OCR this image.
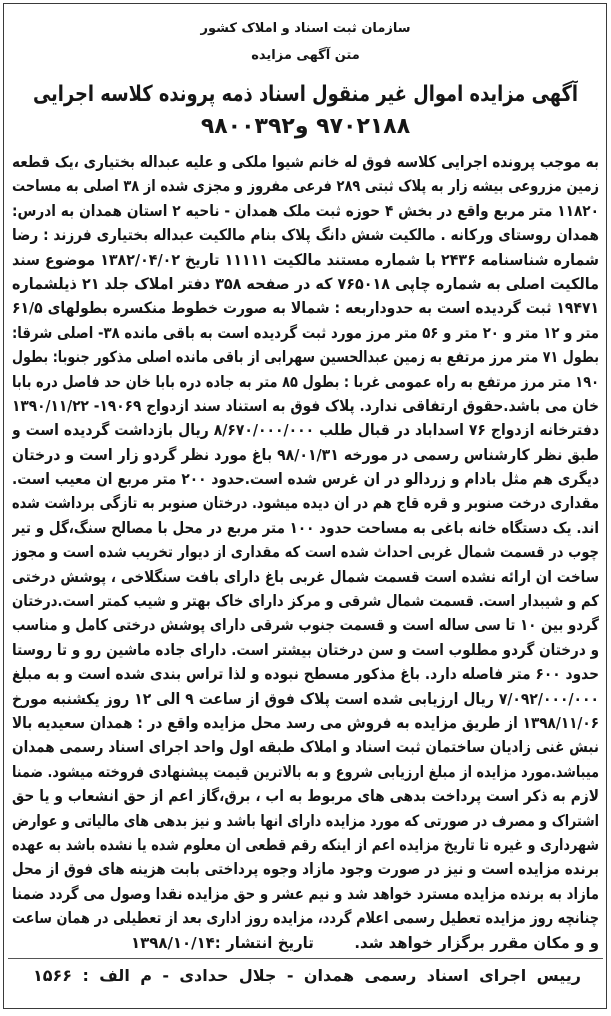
سازمان ثبت اسناد و املاک کشور
متن آگهی مزایده
آگهی مزایده اموال غیر منقول اسناد ذمه پرونده کلاسه اجرایی
۹۷۰۲۱۸۸ و۹۸۰۰۳۹۲
به موجب پرونده اجرایی کلاسه فوق له خانم شیوا ملکی و علیه عبداله بختیاری ،یک قطعه
زمین مزروعی بیشه زار به پلاک ثبتی ۲۸۹ فرعی مفروز و مجزی شده از ۳۸ اصلی به مساحت
۱۱۸۲۰ متر مربع واقع در بخش ۴ حوزه ثبت ملک همدان - ناحیه ۲ استان همدان به ادرس:
همدان روستای ورکانه . مالکیت شش دانگ پلاک بنام مالکیت عبداله بختیاری فرزند : رضا
شماره شناسنامه ۲۴۳۶ با شماره مستند مالکیت ۱۱۱۱۱ تاریخ ۱۳۸۲/۰۴/۰۲ موضوع سند
مالکیت اصلی به شماره چاپی ۷۶۵۰۱۸ که در صفحه ۳۵۸ دفتر املاک جلد ۲۱ ذیلشماره
۱۹۴۷۱ ثبت گردیده است به حدوداربعه : شمالا به صورت خطوط منکسره بطولهای ۶۱/۵
متر و ۱۲ متر و ۲۰ متر و ۵۶ متر مرز مورد ثبت گردیده است به باقی مانده ۳۸- اصلی شرقا:
بطول ۷۱ متر مرز مرتفع به زمین عبدالحسین سهرابی از باقی مانده اصلی مذکور جنوبا: بطول
۱۹۰ متر مرز مرتفع به راه عمومی غربا : بطول ۸۵ متر به جاده دره بابا خان حد فاصل دره بابا
خان می باشد.حقوق ارتفاقی ندارد. پلاک فوق به استناد سند ازدواج ۱۹۰۶۹- ۱۳۹۰/۱۱/۲۲
دفترخانه ازدواج ۷۶ اسداباد در قبال طلب ۸/۶۷۰/۰۰۰/۰۰۰ ریال بازداشت گردیده است و
طبق نظر کارشناس رسمی در مورخه ۹۸/۰۱/۳۱ باغ مورد نظر گردو زار است و درختان
دیگری هم مثل بادام و زردالو در ان غرس شده است.حدود ۲۰۰ متر مربع ان معیب است.
مقداری درخت صنوبر و قره قاج هم در ان دیده میشود. درختان صنوبر به تازگی برداشت شده
اند. یک دستگاه خانه باغی به مساحت حدود ۱۰۰ متر مربع در محل با مصالح سنگ،گل و تیر
چوب در قسمت شمال غربی احداث شده است که مقداری از دیوار تخریب شده است و مجوز
ساخت ان ارائه نشده است قسمت شمال غربی باغ دارای بافت سنگلاخی ، پوشش درختی
کم و شیبدار است. قسمت شمال شرقی و مرکز دارای خاک بهتر و شیب کمتر است.درختان
گردو بین ۱۰ تا سی ساله است و قسمت جنوب شرقی دارای پوشش درختی کامل و مناسب
و درختان گردو مطلوب است و سن درختان بیشتر است. دارای جاده ماشین رو و تا روستا
حدود ۶۰۰ متر فاصله دارد. باغ مذکور مسطح نبوده و لذا تراس بندی شده است و به مبلغ
۷/۰۹۲/۰۰۰/۰۰۰ ریال ارزیابی شده است پلاک فوق از ساعت ۹ الی ۱۲ روز یکشنبه مورخ
۱۳۹۸/۱۱/۰۶ از طریق مزایده به فروش می رسد محل مزایده واقع در : همدان سعیدیه بالا
نبش غنی زادیان ساختمان ثبت اسناد و املاک طبقه اول واحد اجرای اسناد رسمی همدان
میباشد.مورد مزایده از مبلغ ارزیابی شروع و به بالاترین قیمت پیشنهادی فروخته میشود. ضمنا
لازم به ذکر است پرداخت بدهی های مربوط به اب ، برق،گاز اعم از حق انشعاب و یا حق
اشتراک و مصرف در صورتی که مورد مزایده دارای انها باشد و نیز بدهی های مالیاتی و عوارض
شهرداری و غیره تا تاریخ مزایده اعم از اینکه رقم قطعی ان معلوم شده یا نشده باشد به عهده
برنده مزایده است و نیز در صورت وجود مازاد وجوه پرداختی بابت هزینه های فوق از محل
مازاد به برنده مزایده مسترد خواهد شد و نیم عشر و حق مزایده نقدا وصول می گردد ضمنا
چنانچه روز مزایده تعطیل رسمی اعلام گردد، مزایده روز اداری بعد از تعطیلی در همان ساعت
و و مکان مقرر برگزار خواهد شد.تاریخ انتشار :۱۳۹۸/۱۰/۱۴
رییس اجرای اسناد رسمی همدان - جلال حدادی - م الف : ۱۵۶۶
